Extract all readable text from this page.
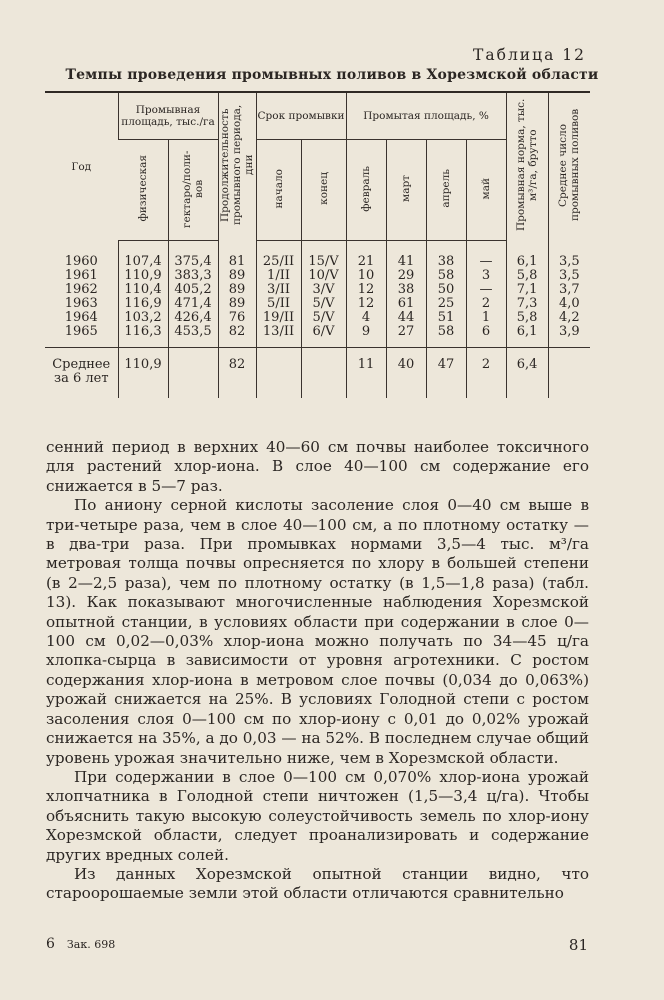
Таблица 12
Темпы проведения промывных поливов в Хорезмской области
Год	Промывная площадь, тыс./га		Продолжительность промывного периода, дни	Срок промывки		Промытая площадь, %				Промывная норма, тыс. м³/га, брутто	Среднее число промывных поливов
	физическая	гектаро/поли-вов		начало	конец	февраль	март	апрель	май		
1960	107,4	375,4	81	25/II	15/V	21	41	38	—	6,1	3,5
1961	110,9	383,3	89	1/II	10/V	10	29	58	3	5,8	3,5
1962	110,4	405,2	89	3/II	3/V	12	38	50	—	7,1	3,7
1963	116,9	471,4	89	5/II	5/V	12	61	25	2	7,3	4,0
1964	103,2	426,4	76	19/II	5/V	4	44	51	1	5,8	4,2
1965	116,3	453,5	82	13/II	6/V	9	27	58	6	6,1	3,9

Среднее
за 6 лет	110,9		82			11	40	47	2	6,4	

сенний период в верхних 40—60 см почвы наиболее токсичного для растений хлор-иона. В слое 40—100 см содержание его снижается в 5—7 раз.

По аниону серной кислоты засоление слоя 0—40 см выше в три-четыре раза, чем в слое 40—100 см, а по плотному остатку — в два-три раза. При промывках нормами 3,5—4 тыс. м³/га метровая толща почвы опресняется по хлору в большей степени (в 2—2,5 раза), чем по плотному остатку (в 1,5—1,8 раза) (табл. 13). Как показывают многочисленные наблюдения Хорезмской опытной станции, в условиях области при содержании в слое 0—100 см 0,02—0,03% хлор-иона можно получать по 34—45 ц/га хлопка-сырца в зависимости от уровня агротехники. С ростом содержания хлор-иона в метровом слое почвы (0,034 до 0,063%) урожай снижается на 25%. В условиях Голодной степи с ростом засоления слоя 0—100 см по хлор-иону с 0,01 до 0,02% урожай снижается на 35%, а до 0,03 — на 52%. В последнем случае общий уровень урожая значительно ниже, чем в Хорезмской области.

При содержании в слое 0—100 см 0,070% хлор-иона урожай хлопчатника в Голодной степи ничтожен (1,5—3,4 ц/га). Чтобы объяснить такую высокую солеустойчивость земель по хлор-иону Хорезмской области, следует проанализировать и содержание других вредных солей.

Из данных Хорезмской опытной станции видно, что староорошаемые земли этой области отличаются сравнительно

6 Зак. 698	81
